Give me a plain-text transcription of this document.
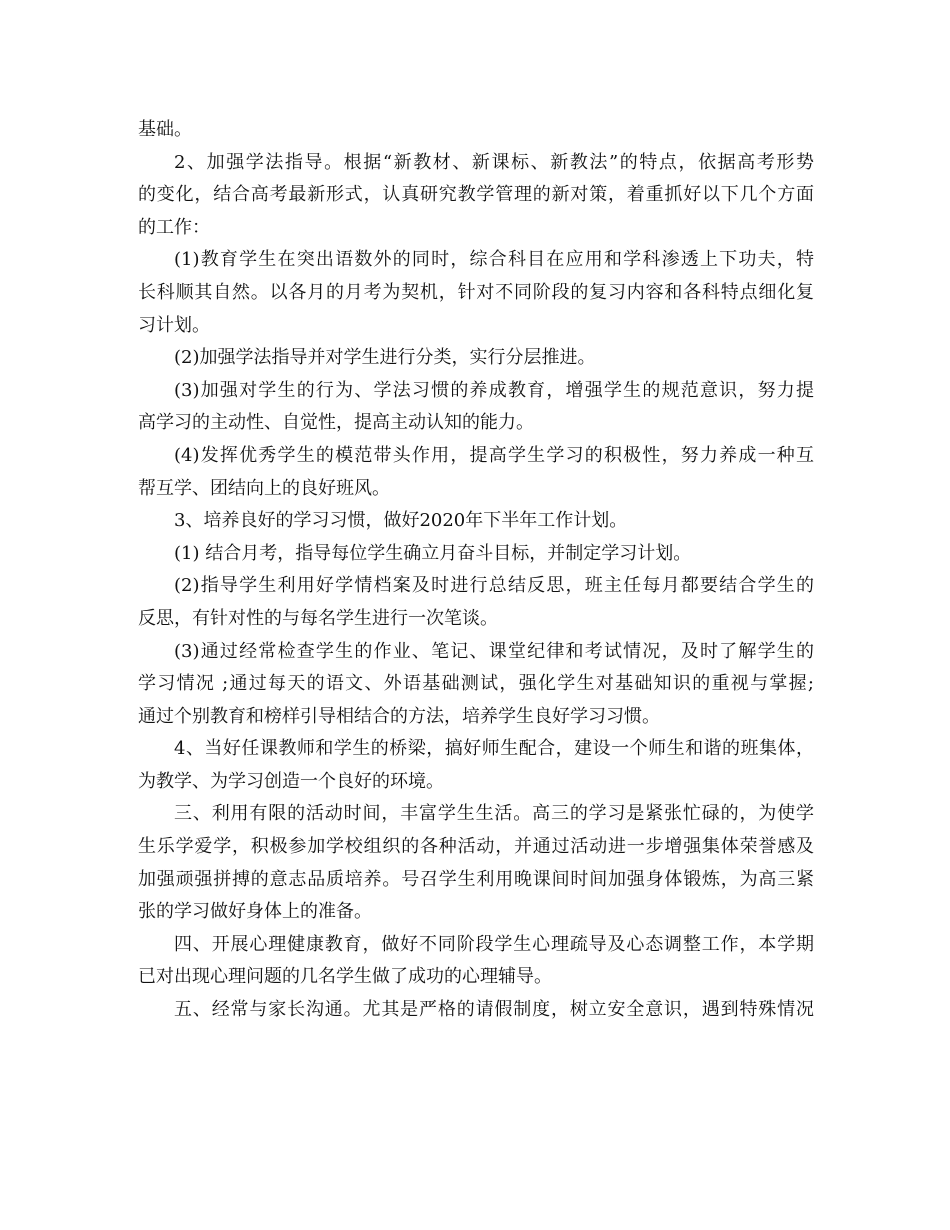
基础。
2、加强学法指导。根据“新教材、新课标、新教法”的特点，依据高考形势
的变化，结合高考最新形式，认真研究教学管理的新对策，着重抓好以下几个方面
的工作：
(1)教育学生在突出语数外的同时，综合科目在应用和学科渗透上下功夫，特
长科顺其自然。以各月的月考为契机，针对不同阶段的复习内容和各科特点细化复
习计划。
(2)加强学法指导并对学生进行分类，实行分层推进。
(3)加强对学生的行为、学法习惯的养成教育，增强学生的规范意识，努力提
高学习的主动性、自觉性，提高主动认知的能力。
(4)发挥优秀学生的模范带头作用，提高学生学习的积极性，努力养成一种互
帮互学、团结向上的良好班风。
3、培养良好的学习习惯，做好2020年下半年工作计划。
(1) 结合月考，指导每位学生确立月奋斗目标，并制定学习计划。
(2)指导学生利用好学情档案及时进行总结反思，班主任每月都要结合学生的
反思，有针对性的与每名学生进行一次笔谈。
(3)通过经常检查学生的作业、笔记、课堂纪律和考试情况，及时了解学生的
学习情况 ;通过每天的语文、外语基础测试，强化学生对基础知识的重视与掌握;
通过个别教育和榜样引导相结合的方法，培养学生良好学习习惯。
4、当好任课教师和学生的桥梁，搞好师生配合，建设一个师生和谐的班集体，
为教学、为学习创造一个良好的环境。
三、利用有限的活动时间，丰富学生生活。高三的学习是紧张忙碌的，为使学
生乐学爱学，积极参加学校组织的各种活动，并通过活动进一步增强集体荣誉感及
加强顽强拼搏的意志品质培养。号召学生利用晚课间时间加强身体锻炼，为高三紧
张的学习做好身体上的准备。
四、开展心理健康教育，做好不同阶段学生心理疏导及心态调整工作，本学期
已对出现心理问题的几名学生做了成功的心理辅导。
五、经常与家长沟通。尤其是严格的请假制度，树立安全意识，遇到特殊情况
